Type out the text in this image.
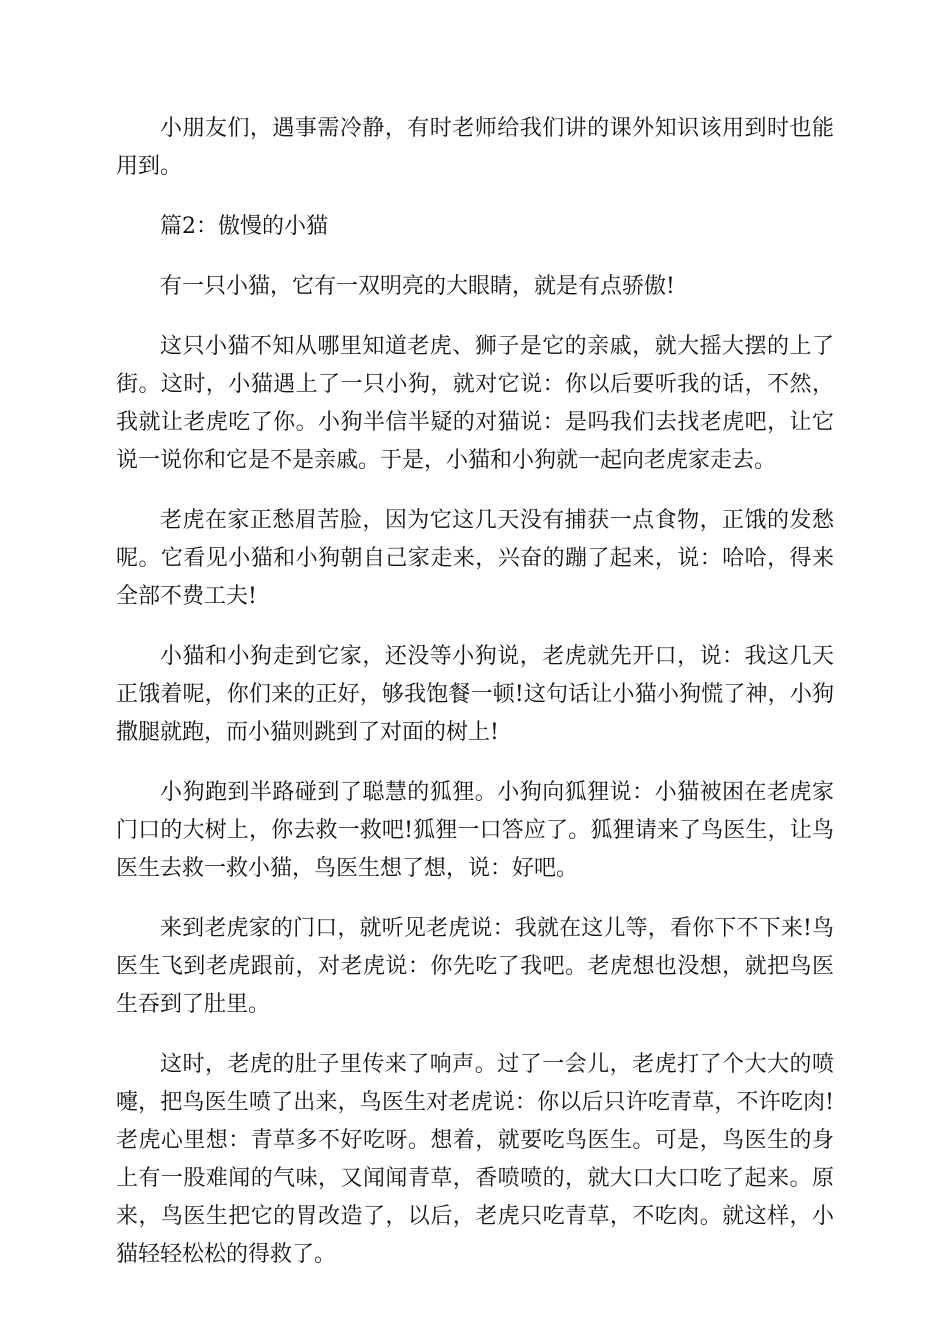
小朋友们，遇事需冷静，有时老师给我们讲的课外知识该用到时也能用到。

篇2：傲慢的小猫

有一只小猫，它有一双明亮的大眼睛，就是有点骄傲!

这只小猫不知从哪里知道老虎、狮子是它的亲戚，就大摇大摆的上了街。这时，小猫遇上了一只小狗，就对它说：你以后要听我的话，不然，我就让老虎吃了你。小狗半信半疑的对猫说：是吗我们去找老虎吧，让它说一说你和它是不是亲戚。于是，小猫和小狗就一起向老虎家走去。

老虎在家正愁眉苦脸，因为它这几天没有捕获一点食物，正饿的发愁呢。它看见小猫和小狗朝自己家走来，兴奋的蹦了起来，说：哈哈，得来全部不费工夫!

小猫和小狗走到它家，还没等小狗说，老虎就先开口，说：我这几天正饿着呢，你们来的正好，够我饱餐一顿!这句话让小猫小狗慌了神，小狗撒腿就跑，而小猫则跳到了对面的树上!

小狗跑到半路碰到了聪慧的狐狸。小狗向狐狸说：小猫被困在老虎家门口的大树上，你去救一救吧!狐狸一口答应了。狐狸请来了鸟医生，让鸟医生去救一救小猫，鸟医生想了想，说：好吧。

来到老虎家的门口，就听见老虎说：我就在这儿等，看你下不下来!鸟医生飞到老虎跟前，对老虎说：你先吃了我吧。老虎想也没想，就把鸟医生吞到了肚里。

这时，老虎的肚子里传来了响声。过了一会儿，老虎打了个大大的喷嚏，把鸟医生喷了出来，鸟医生对老虎说：你以后只许吃青草，不许吃肉!老虎心里想：青草多不好吃呀。想着，就要吃鸟医生。可是，鸟医生的身上有一股难闻的气味，又闻闻青草，香喷喷的，就大口大口吃了起来。原来，鸟医生把它的胃改造了，以后，老虎只吃青草，不吃肉。就这样，小猫轻轻松松的得救了。
